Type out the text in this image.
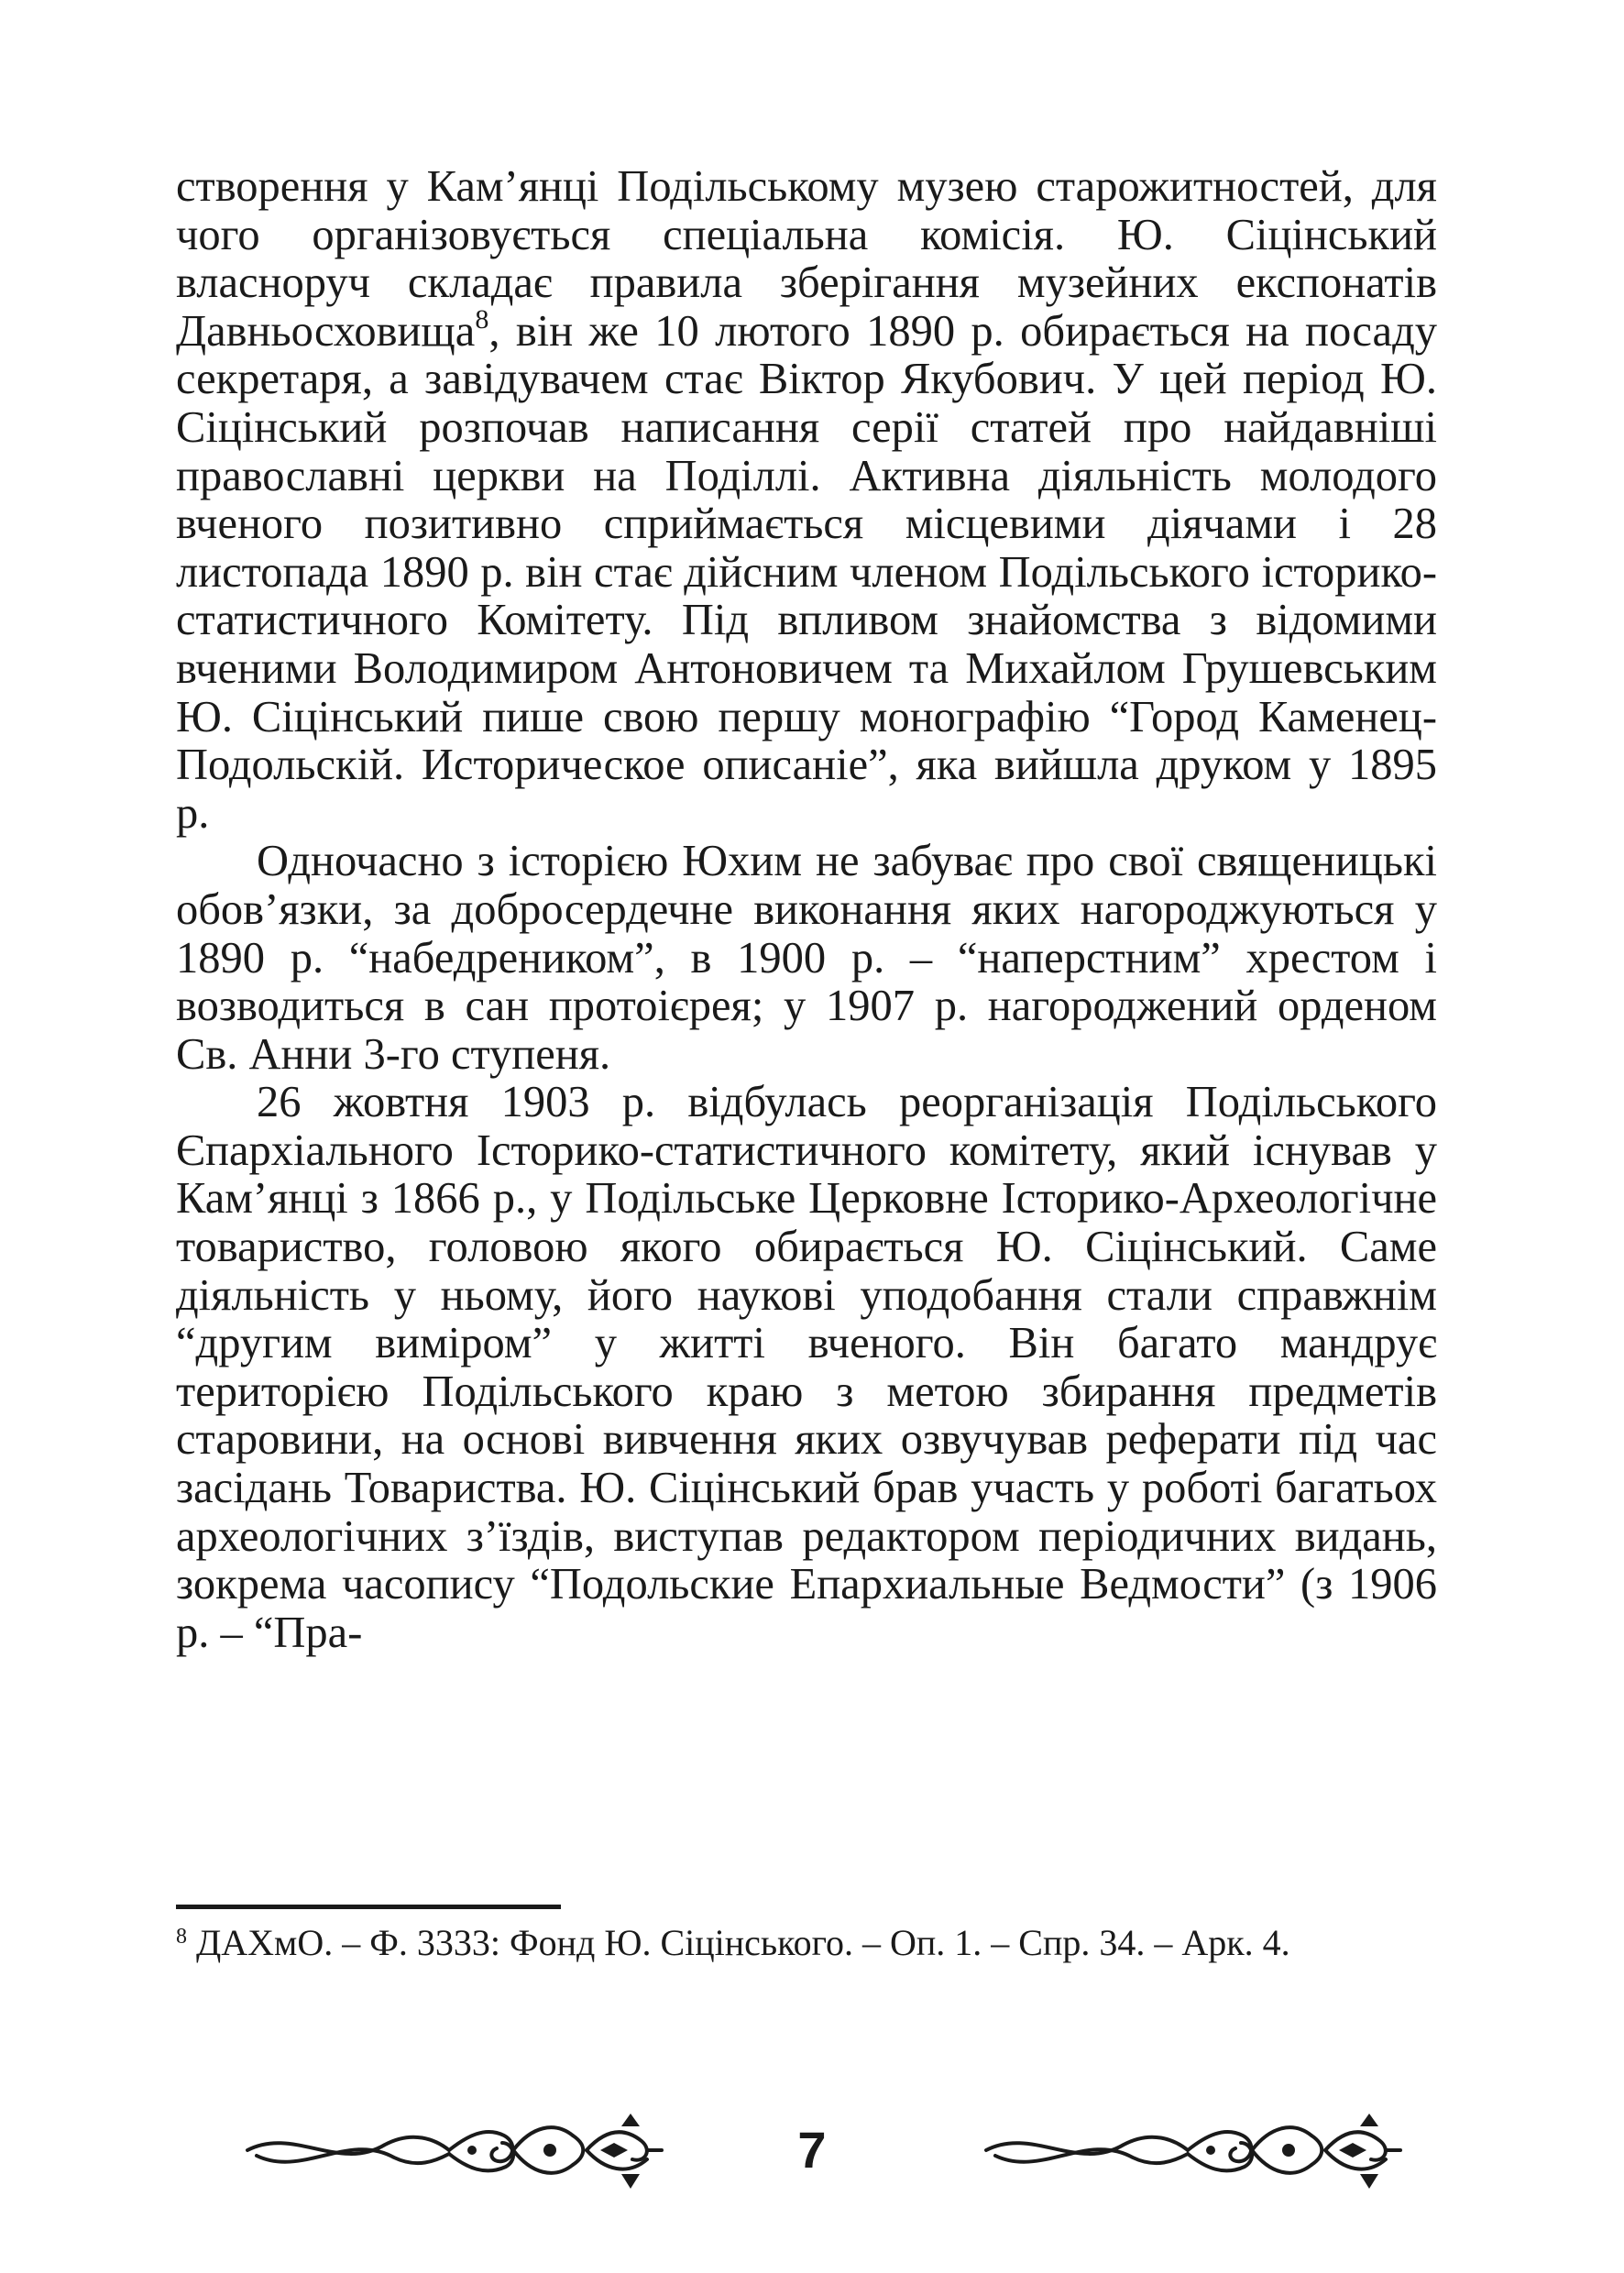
створення у Кам’янці Подільському музею старожитностей, для чого організовується спеціальна комісія. Ю. Сіцінський власноруч складає правила зберігання музейних експонатів Давньосховища$^8$, він же 10 лютого 1890 р. обирається на посаду секретаря, а завідувачем стає Віктор Якубович. У цей період Ю. Сіцінський розпочав написання серії статей про найдавніші православні церкви на Поділлі. Активна діяльність молодого вченого позитивно сприймається місцевими діячами і 28 листопада 1890 р. він стає дійсним членом Подільського історико-статистичного Комітету. Під впливом знайомства з відомими вченими Володимиром Антоновичем та Михайлом Грушевським Ю. Сіцінський пише свою першу монографію “Город Каменец-Подольскій. Историческое описаніе”, яка вийшла друком у 1895 р.

Одночасно з історією Юхим не забуває про свої священицькі обов’язки, за добросердечне виконання яких нагороджуються у 1890 р. “набедреником”, в 1900 р. – “наперстним” хрестом і возводиться в сан протоієрея; у 1907 р. нагороджений орденом Св. Анни 3-го ступеня.

26 жовтня 1903 р. відбулась реорганізація Подільського Єпархіального Історико-статистичного комітету, який існував у Кам’янці з 1866 р., у Подільське Церковне Історико-Археологічне товариство, головою якого обирається Ю. Сіцінський. Саме діяльність у ньому, його наукові уподобання стали справжнім “другим виміром” у житті вченого. Він багато мандрує територією Подільського краю з метою збирання предметів старовини, на основі вивчення яких озвучував реферати під час засідань Товариства. Ю. Сіцінський брав участь у роботі багатьох археологічних з’їздів, виступав редактором періодичних видань, зокрема часопису “Подольские Епархиальные Ведмости” (з 1906 р. – “Пра-

$^8$ ДАХмО. – Ф. 3333: Фонд Ю. Сіцінського. – Оп. 1. – Спр. 34. – Арк. 4.
7
